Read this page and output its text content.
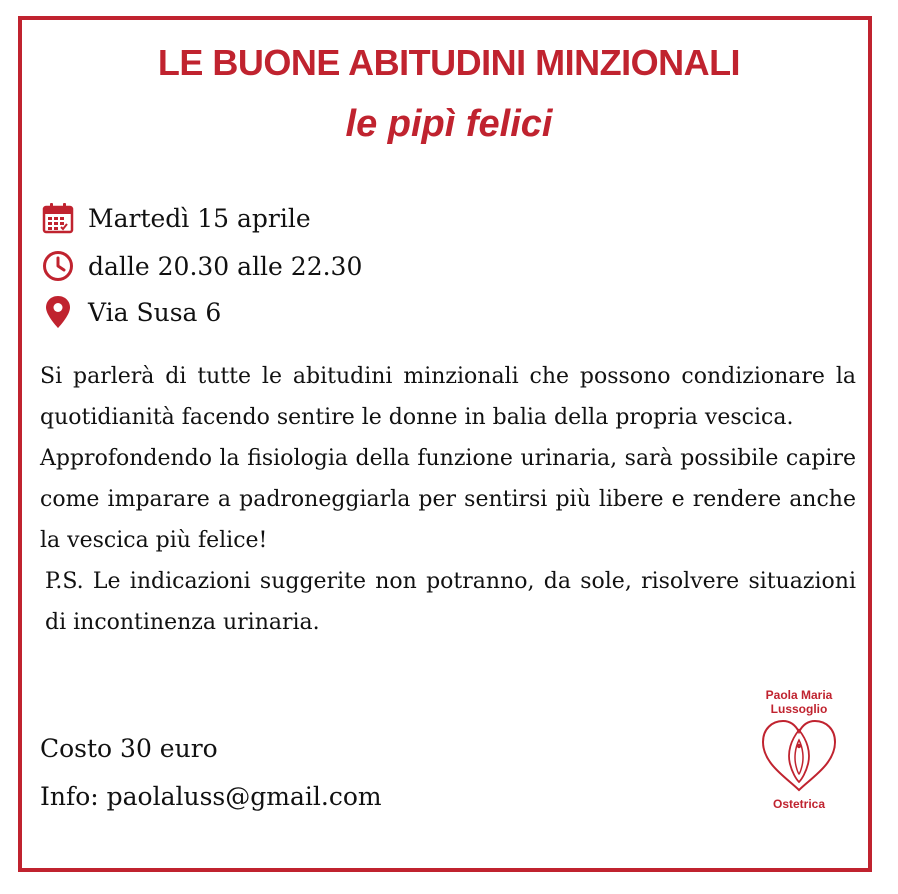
LE BUONE ABITUDINI MINZIONALI
le pipì felici
Martedì 15 aprile
dalle 20.30 alle 22.30
Via Susa 6

Si parlerà di tutte le abitudini minzionali che possono condizionare la quotidianità facendo sentire le donne in balia della propria vescica.

Approfondendo la fisiologia della funzione urinaria, sarà possibile capire come imparare a padroneggiarla per sentirsi più libere e rendere anche la vescica più felice!

P.S. Le indicazioni suggerite non potranno, da sole, risolvere situazioni di incontinenza urinaria.

Costo 30 euro
Info: paolaluss@gmail.com
Paola Maria
Lussoglio
Ostetrica
